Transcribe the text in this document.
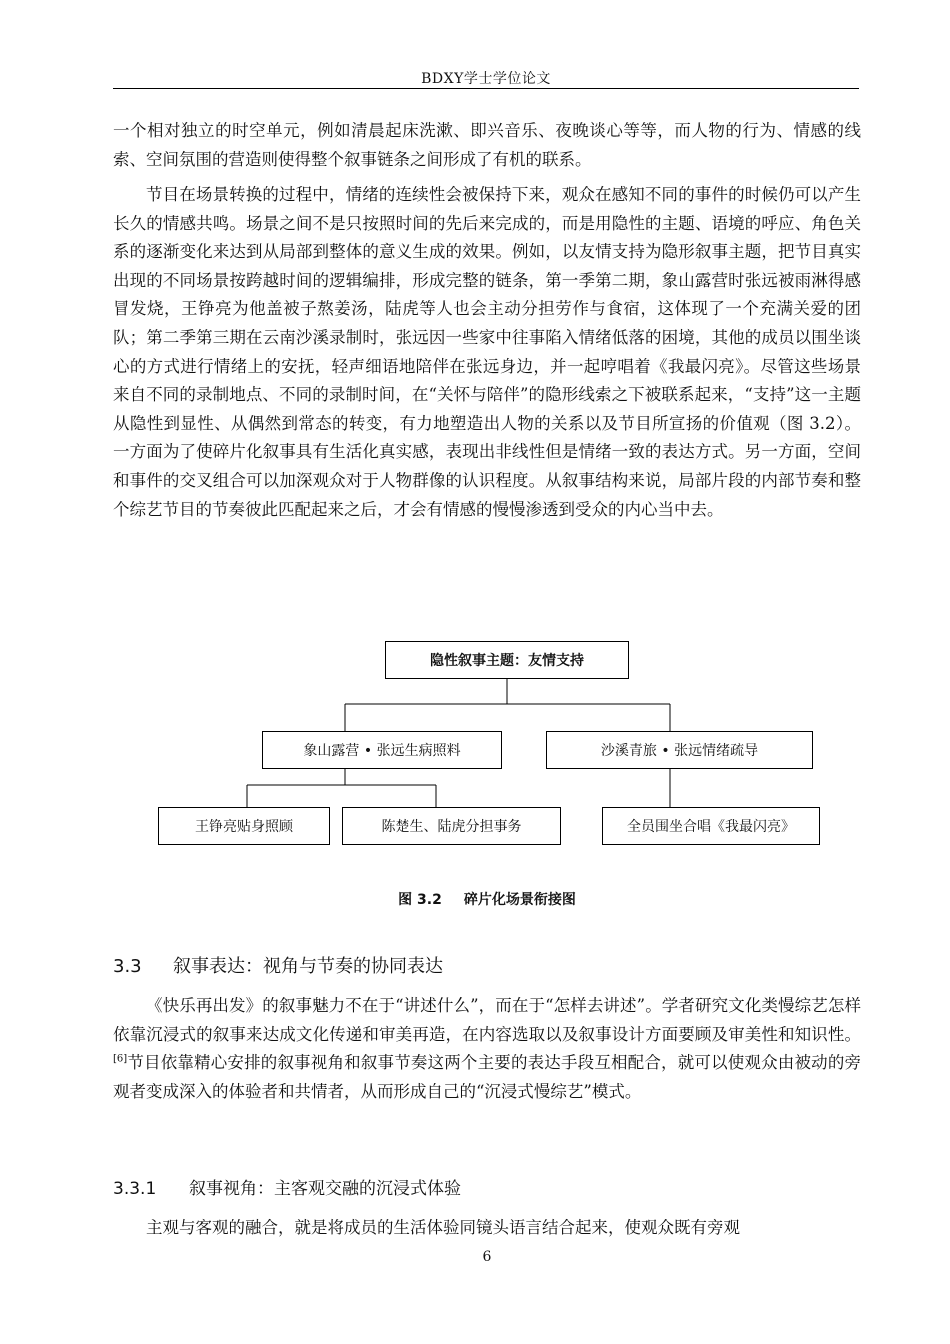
BDXY学士学位论文

一个相对独立的时空单元，例如清晨起床洗漱、即兴音乐、夜晚谈心等等，而人物的行为、情感的线索、空间氛围的营造则使得整个叙事链条之间形成了有机的联系。

节目在场景转换的过程中，情绪的连续性会被保持下来，观众在感知不同的事件的时候仍可以产生长久的情感共鸣。场景之间不是只按照时间的先后来完成的，而是用隐性的主题、语境的呼应、角色关系的逐渐变化来达到从局部到整体的意义生成的效果。例如，以友情支持为隐形叙事主题，把节目真实出现的不同场景按跨越时间的逻辑编排，形成完整的链条，第一季第二期，象山露营时张远被雨淋得感冒发烧，王铮亮为他盖被子熬姜汤，陆虎等人也会主动分担劳作与食宿，这体现了一个充满关爱的团队；第二季第三期在云南沙溪录制时，张远因一些家中往事陷入情绪低落的困境，其他的成员以围坐谈心的方式进行情绪上的安抚，轻声细语地陪伴在张远身边，并一起哼唱着《我最闪亮》。尽管这些场景来自不同的录制地点、不同的录制时间，在“关怀与陪伴”的隐形线索之下被联系起来，“支持”这一主题从隐性到显性、从偶然到常态的转变，有力地塑造出人物的关系以及节目所宣扬的价值观（图 3.2）。一方面为了使碎片化叙事具有生活化真实感，表现出非线性但是情绪一致的表达方式。另一方面，空间和事件的交叉组合可以加深观众对于人物群像的认识程度。从叙事结构来说，局部片段的内部节奏和整个综艺节目的节奏彼此匹配起来之后，才会有情感的慢慢渗透到受众的内心当中去。

隐性叙事主题：友情支持
象山露营 • 张远生病照料	沙溪青旅 • 张远情绪疏导
王铮亮贴身照顾	陈楚生、陆虎分担事务	全员围坐合唱《我最闪亮》
图 3.2 碎片化场景衔接图
3.3 叙事表达：视角与节奏的协同表达

《快乐再出发》的叙事魅力不在于“讲述什么”，而在于“怎样去讲述”。学者研究文化类慢综艺怎样依靠沉浸式的叙事来达成文化传递和审美再造，在内容选取以及叙事设计方面要顾及审美性和知识性。[6]节目依靠精心安排的叙事视角和叙事节奏这两个主要的表达手段互相配合，就可以使观众由被动的旁观者变成深入的体验者和共情者，从而形成自己的“沉浸式慢综艺”模式。

3.3.1 叙事视角：主客观交融的沉浸式体验

主观与客观的融合，就是将成员的生活体验同镜头语言结合起来，使观众既有旁观

6
